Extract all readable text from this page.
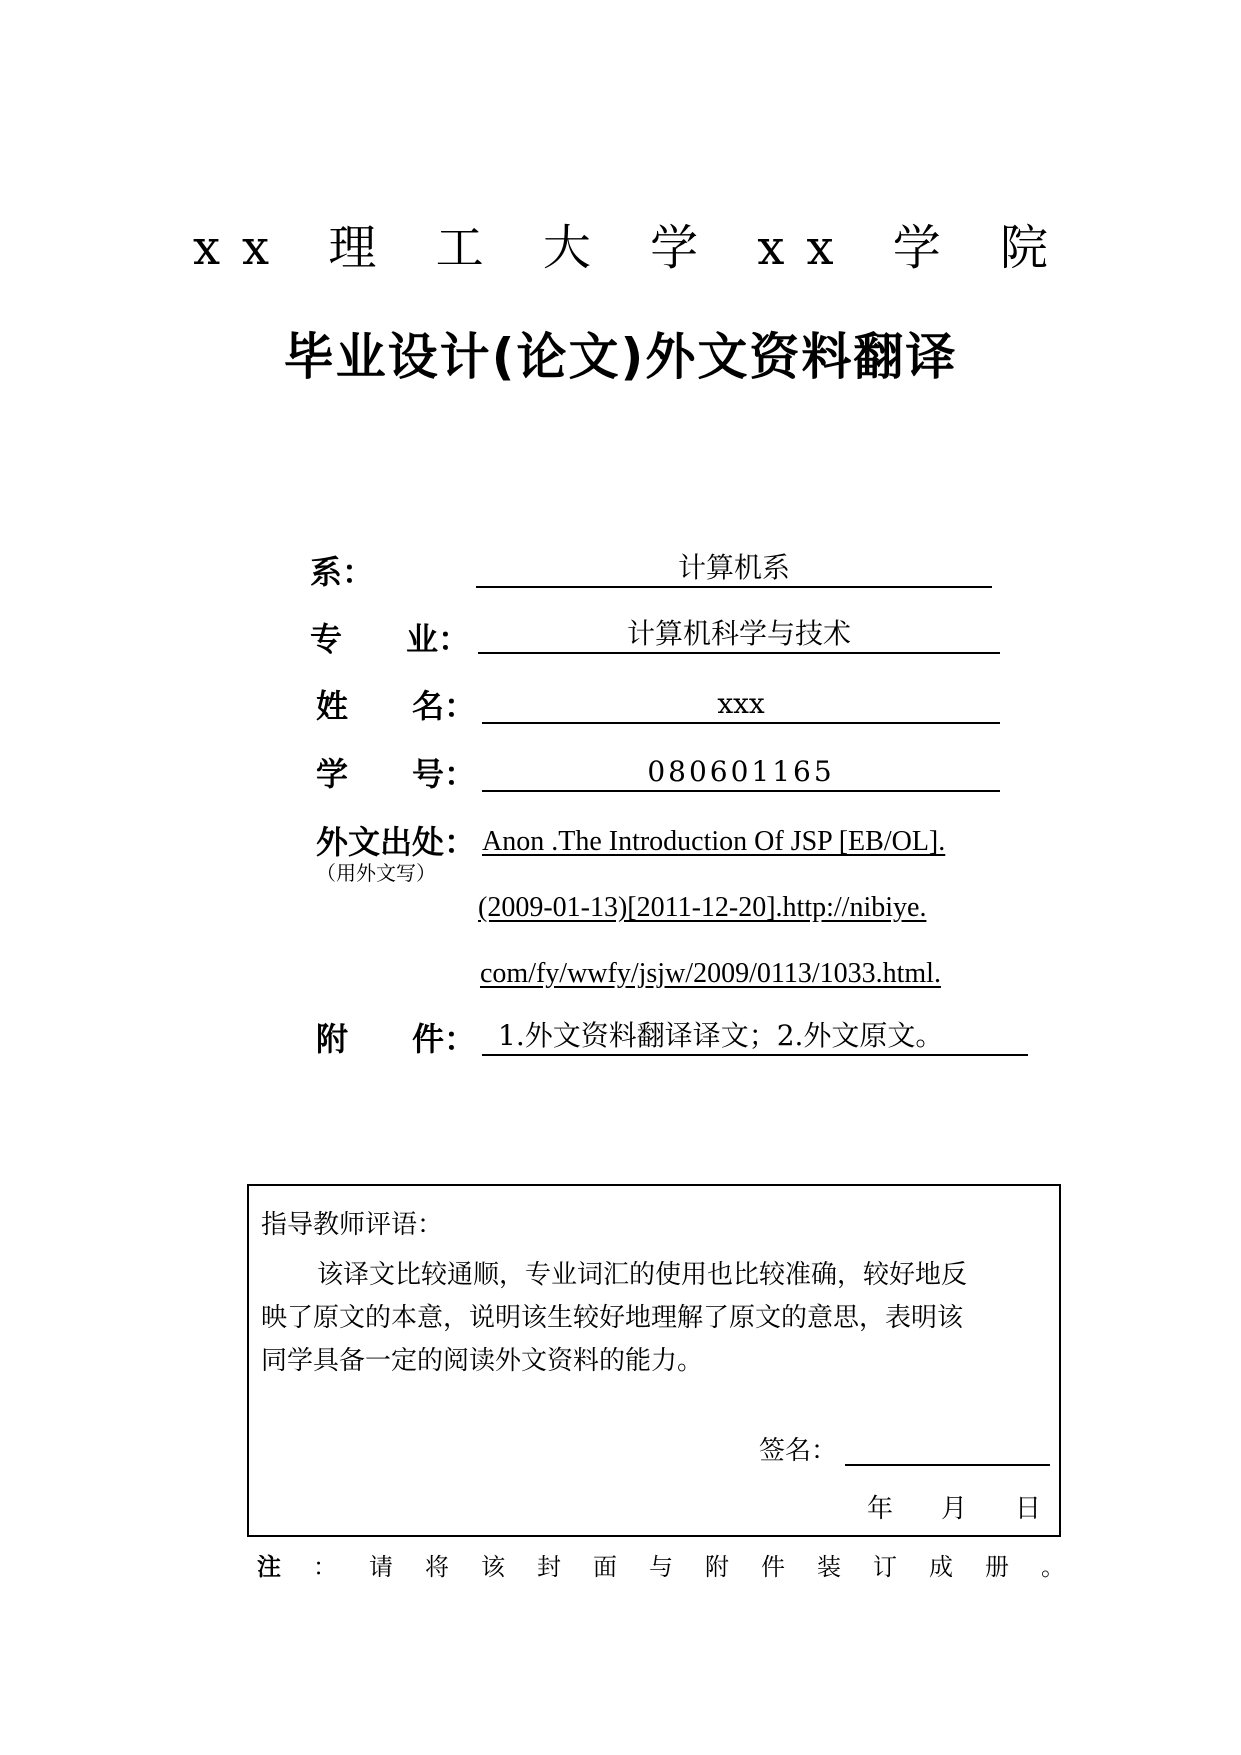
xx 理 工 大 学 xx 学 院
毕业设计(论文)外文资料翻译
系：	计算机系
专　　业：	计算机科学与技术
姓　　名：	xxx
学　　号：	080601165
外文出处：
（用外文写）
Anon .The Introduction Of JSP [EB/OL].
(2009-01-13)[2011-12-20].http://nibiye.
com/fy/wwfy/jsjw/2009/0113/1033.html.
附　　件： 1.外文资料翻译译文；2.外文原文。
指导教师评语：
该译文比较通顺，专业词汇的使用也比较准确，较好地反
映了原文的本意，说明该生较好地理解了原文的意思，表明该
同学具备一定的阅读外文资料的能力。
签名：
年 月 日
注 ： 请 将 该 封 面 与 附 件 装 订 成 册 。
